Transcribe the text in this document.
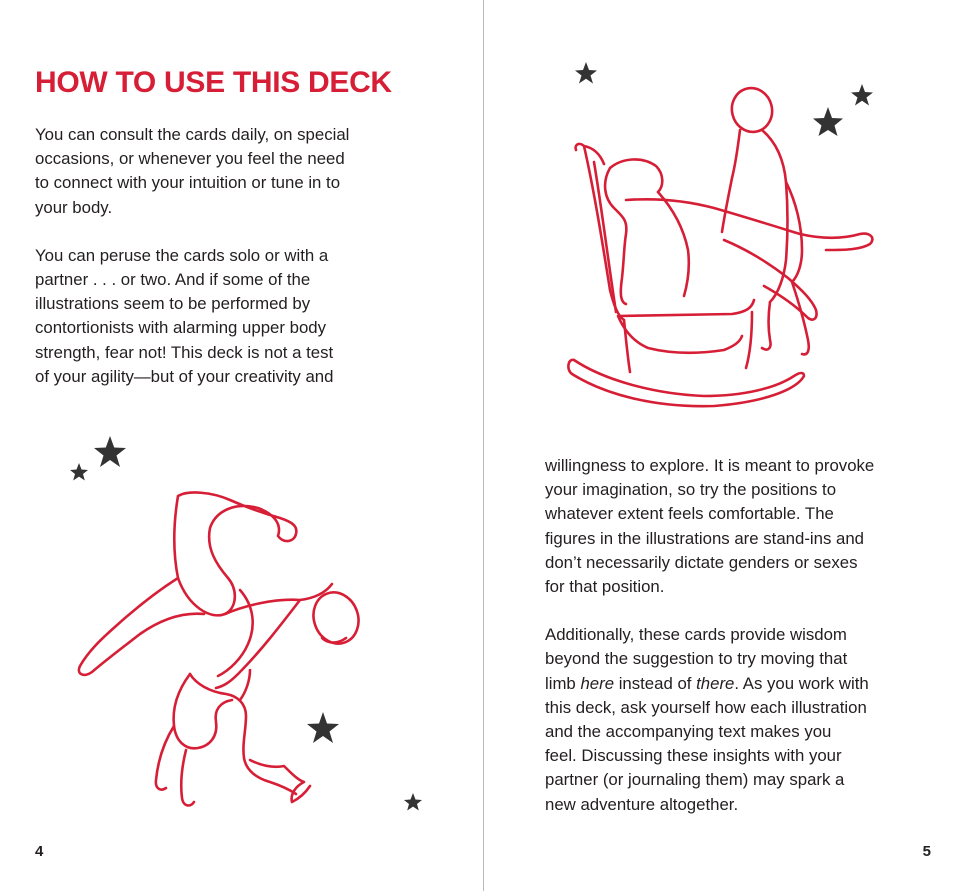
HOW TO USE THIS DECK

You can consult the cards daily, on special
occasions, or whenever you feel the need
to connect with your intuition or tune in to
your body.

You can peruse the cards solo or with a
partner . . . or two. And if some of the
illustrations seem to be performed by
contortionists with alarming upper body
strength, fear not! This deck is not a test
of your agility—but of your creativity and

4

willingness to explore. It is meant to provoke
your imagination, so try the positions to
whatever extent feels comfortable. The
figures in the illustrations are stand-ins and
don’t necessarily dictate genders or sexes
for that position.

Additionally, these cards provide wisdom
beyond the suggestion to try moving that
limb here instead of there. As you work with
this deck, ask yourself how each illustration
and the accompanying text makes you
feel. Discussing these insights with your
partner (or journaling them) may spark a
new adventure altogether.

5
